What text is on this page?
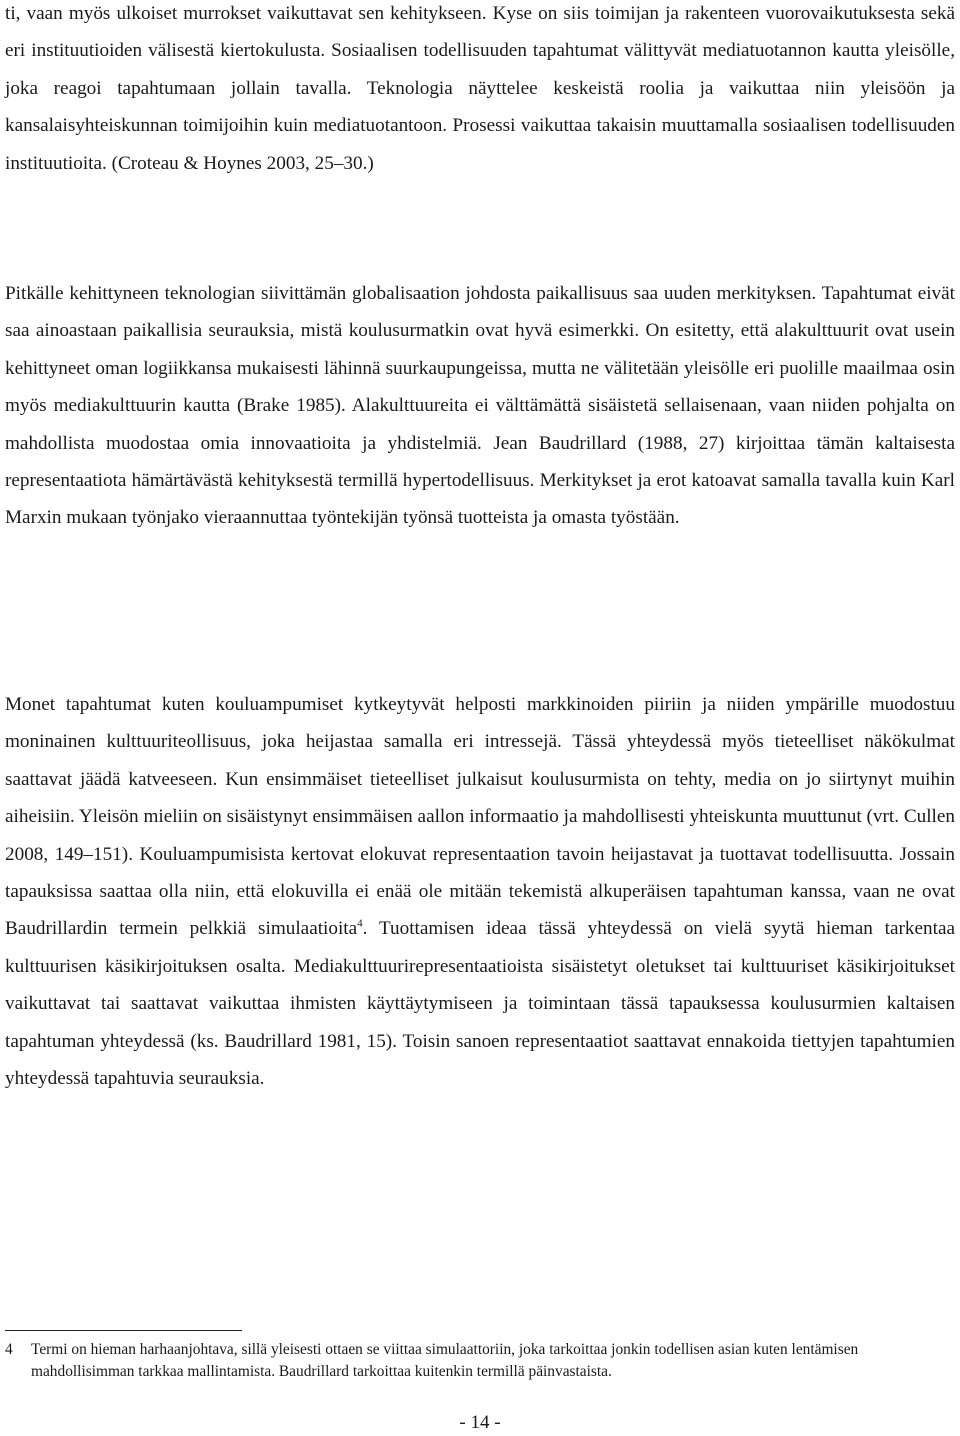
ti, vaan myös ulkoiset murrokset vaikuttavat sen kehitykseen. Kyse on siis toimijan ja rakenteen vuorovaikutuksesta sekä eri instituutioiden välisestä kiertokulusta. Sosiaalisen todellisuuden tapahtumat välittyvät mediatuotannon kautta yleisölle, joka reagoi tapahtumaan jollain tavalla. Teknologia näyttelee keskeistä roolia ja vaikuttaa niin yleisöön ja kansalaisyhteiskunnan toimijoihin kuin mediatuotantoon. Prosessi vaikuttaa takaisin muuttamalla sosiaalisen todellisuuden instituutioita. (Croteau & Hoynes 2003, 25–30.)

Pitkälle kehittyneen teknologian siivittämän globalisaation johdosta paikallisuus saa uuden merkityksen. Tapahtumat eivät saa ainoastaan paikallisia seurauksia, mistä koulusurmatkin ovat hyvä esimerkki. On esitetty, että alakulttuurit ovat usein kehittyneet oman logiikkansa mukaisesti lähinnä suurkaupungeissa, mutta ne välitetään yleisölle eri puolille maailmaa osin myös mediakulttuurin kautta (Brake 1985). Alakulttuureita ei välttämättä sisäistetä sellaisenaan, vaan niiden pohjalta on mahdollista muodostaa omia innovaatioita ja yhdistelmiä. Jean Baudrillard (1988, 27) kirjoittaa tämän kaltaisesta representaatiota hämärtävästä kehityksestä termillä hypertodellisuus. Merkitykset ja erot katoavat samalla tavalla kuin Karl Marxin mukaan työnjako vieraannuttaa työntekijän työnsä tuotteista ja omasta työstään.

Monet tapahtumat kuten kouluampumiset kytkeytyvät helposti markkinoiden piiriin ja niiden ympärille muodostuu moninainen kulttuuriteollisuus, joka heijastaa samalla eri intressejä. Tässä yhteydessä myös tieteelliset näkökulmat saattavat jäädä katveeseen. Kun ensimmäiset tieteelliset julkaisut koulusurmista on tehty, media on jo siirtynyt muihin aiheisiin. Yleisön mieliin on sisäistynyt ensimmäisen aallon informaatio ja mahdollisesti yhteiskunta muuttunut (vrt. Cullen 2008, 149–151). Kouluampumisista kertovat elokuvat representaation tavoin heijastavat ja tuottavat todellisuutta. Jossain tapauksissa saattaa olla niin, että elokuvilla ei enää ole mitään tekemistä alkuperäisen tapahtuman kanssa, vaan ne ovat Baudrillardin termein pelkkiä simulaatioita$^4$. Tuottamisen ideaa tässä yhteydessä on vielä syytä hieman tarkentaa kulttuurisen käsikirjoituksen osalta. Mediakulttuurirepresentaatioista sisäistetyt oletukset tai kulttuuriset käsikirjoitukset vaikuttavat tai saattavat vaikuttaa ihmisten käyttäytymiseen ja toimintaan tässä tapauksessa koulusurmien kaltaisen tapahtuman yhteydessä (ks. Baudrillard 1981, 15). Toisin sanoen representaatiot saattavat ennakoida tiettyjen tapahtumien yhteydessä tapahtuvia seurauksia.

4	Termi on hieman harhaanjohtava, sillä yleisesti ottaen se viittaa simulaattoriin, joka tarkoittaa jonkin todellisen asian kuten lentämisen mahdollisimman tarkkaa mallintamista. Baudrillard tarkoittaa kuitenkin termillä päinvastaista.
- 14 -
